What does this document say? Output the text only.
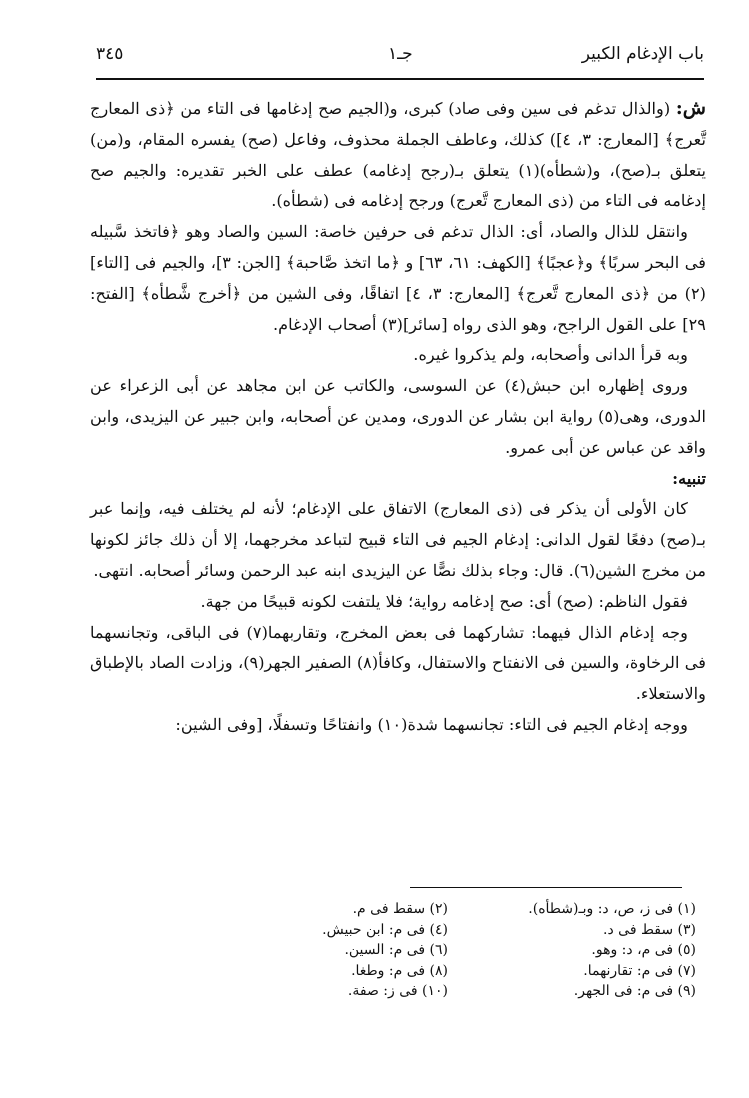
باب الإدغام الكبير
جـ١
٣٤٥

ش: (والذال تدغم فى سين وفى صاد) كبرى، و(الجيم صح إدغامها فى التاء من ﴿ذى المعارج تَّعرج﴾ [المعارج: ٣، ٤]) كذلك، وعاطف الجملة محذوف، وفاعل (صح) يفسره المقام، و(من) يتعلق بـ(صح)، و(شطأه)(١) يتعلق بـ(رجح إدغامه) عطف على الخبر تقديره: والجيم صح إدغامه فى التاء من (ذى المعارج تَّعرج) ورجح إدغامه فى (شطأه).

وانتقل للذال والصاد، أى: الذال تدغم فى حرفين خاصة: السين والصاد وهو ﴿فاتخذ سَّبيله فى البحر سربًا﴾ و﴿عجبًا﴾ [الكهف: ٦١، ٦٣] و ﴿ما اتخذ صَّاحبة﴾ [الجن: ٣]، والجيم فى [التاء](٢) من ﴿ذى المعارج تَّعرج﴾ [المعارج: ٣، ٤] اتفاقًا، وفى الشين من ﴿أخرج شَّطأه﴾ [الفتح: ٢٩] على القول الراجح، وهو الذى رواه [سائر](٣) أصحاب الإدغام.

وبه قرأ الدانى وأصحابه، ولم يذكروا غيره.

وروى إظهاره ابن حبش(٤) عن السوسى، والكاتب عن ابن مجاهد عن أبى الزعراء عن الدورى، وهى(٥) رواية ابن بشار عن الدورى، ومدين عن أصحابه، وابن جبير عن اليزيدى، وابن واقد عن عباس عن أبى عمرو.

تنبيه:

كان الأولى أن يذكر فى (ذى المعارج) الاتفاق على الإدغام؛ لأنه لم يختلف فيه، وإنما عبر بـ(صح) دفعًا لقول الدانى: إدغام الجيم فى التاء قبيح لتباعد مخرجهما، إلا أن ذلك جائز لكونها من مخرج الشين(٦). قال: وجاء بذلك نصًّا عن اليزيدى ابنه عبد الرحمن وسائر أصحابه. انتهى.

فقول الناظم: (صح) أى: صح إدغامه رواية؛ فلا يلتفت لكونه قبيحًا من جهة.

وجه إدغام الذال فيهما: تشاركهما فى بعض المخرج، وتقاربهما(٧) فى الباقى، وتجانسهما فى الرخاوة، والسين فى الانفتاح والاستفال، وكافأ(٨) الصفير الجهر(٩)، وزادت الصاد بالإطباق والاستعلاء.

ووجه إدغام الجيم فى التاء: تجانسهما شدة(١٠) وانفتاحًا وتسفلًا، [وفى الشين:

(١) فى ز، ص، د: وبـ(شطأه).
(٢) سقط فى م.
(٣) سقط فى د.
(٤) فى م: ابن حبيش.
(٥) فى م، د: وهو.
(٦) فى م: السين.
(٧) فى م: تقارنهما.
(٨) فى م: وطغا.
(٩) فى م: فى الجهر.
(١٠) فى ز: صفة.
